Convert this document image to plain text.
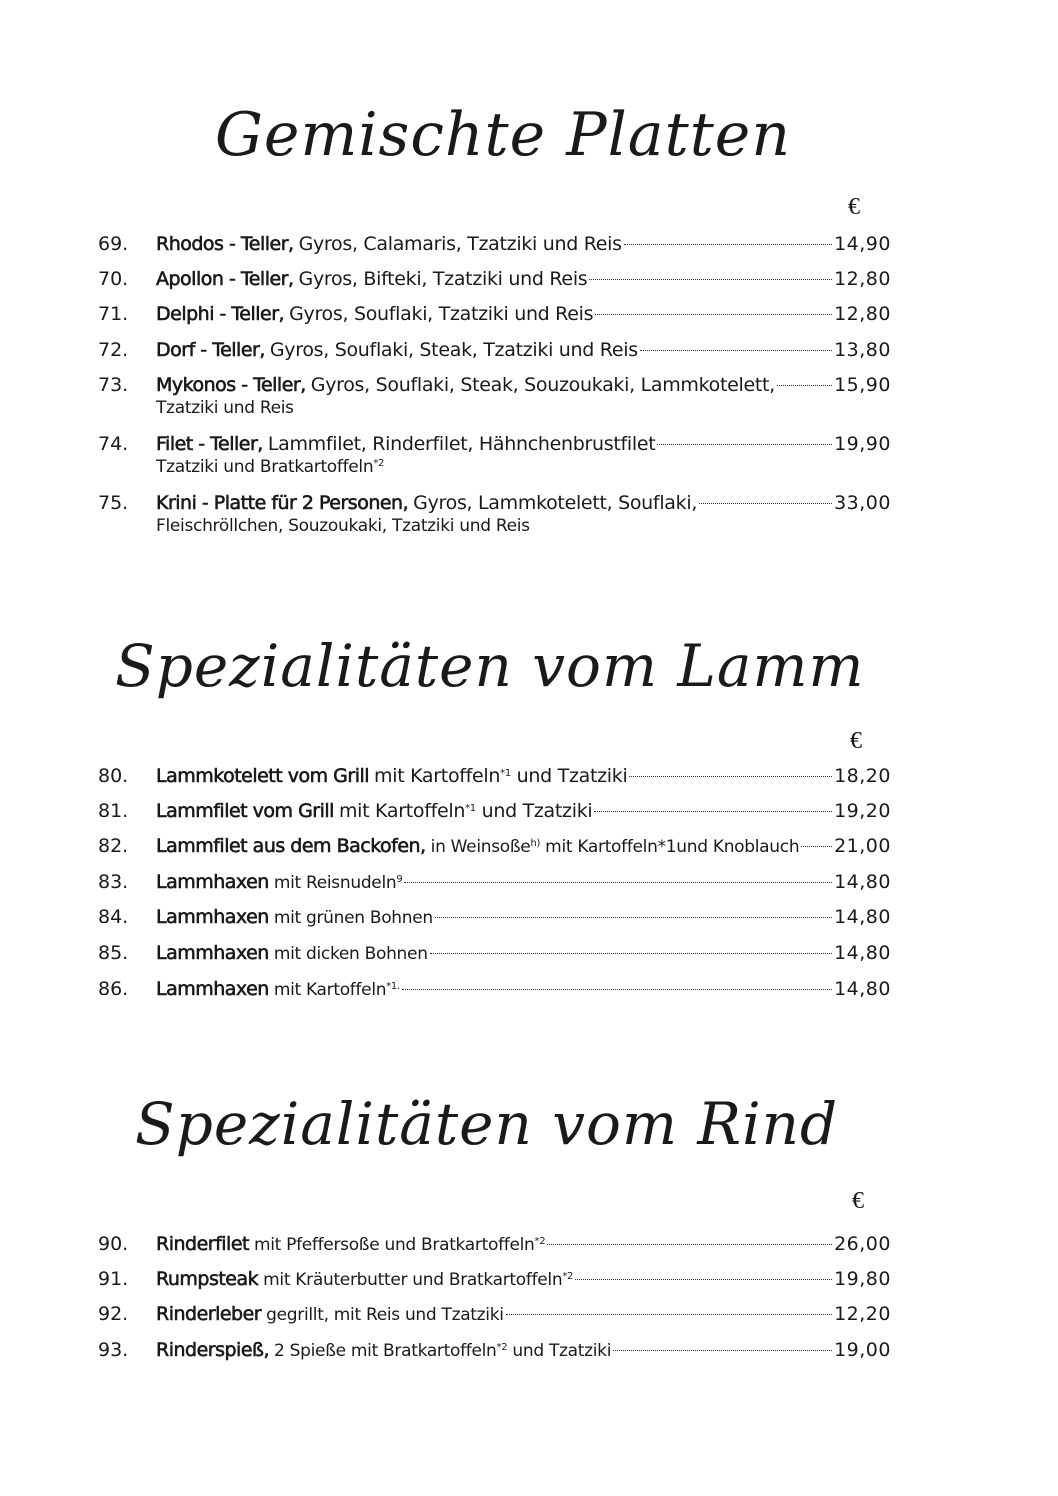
Gemischte Platten
€
Spezialitäten vom Lamm
€
Spezialitäten vom Rind
€
69. Rhodos - Teller, Gyros, Calamaris, Tzatziki und Reis	14,90
70. Apollon - Teller, Gyros, Bifteki, Tzatziki und Reis	12,80
71. Delphi - Teller, Gyros, Souflaki, Tzatziki und Reis	12,80
72. Dorf - Teller, Gyros, Souflaki, Steak, Tzatziki und Reis	13,80
73. Mykonos - Teller, Gyros, Souflaki, Steak, Souzoukaki, Lammkotelett,	15,90
Tzatziki und Reis
74. Filet - Teller, Lammfilet, Rinderfilet, Hähnchenbrustfilet	19,90
Tzatziki und Bratkartoffeln$^{*2}$
75. Krini - Platte für 2 Personen, Gyros, Lammkotelett, Souflaki,	33,00
Fleischröllchen, Souzoukaki, Tzatziki und Reis
80. Lammkotelett vom Grill mit Kartoffeln$^{*1}$ und Tzatziki	18,20
81. Lammfilet vom Grill mit Kartoffeln$^{*1}$ und Tzatziki	19,20
82. Lammfilet aus dem Backofen, in Weinsoße$^{h)}$ mit Kartoffeln*1und Knoblauch 21,00
83. Lammhaxen mit Reisnudeln$^9$	14,80
84. Lammhaxen mit grünen Bohnen	14,80
85. Lammhaxen mit dicken Bohnen	14,80
86. Lammhaxen mit Kartoffeln$^{*1.}$	14,80
90. Rinderfilet mit Pfeffersoße und Bratkartoffeln$^{*2}$	26,00
91. Rumpsteak mit Kräuterbutter und Bratkartoffeln$^{*2}$	19,80
92. Rinderleber gegrillt, mit Reis und Tzatziki	12,20
93. Rinderspieß, 2 Spieße mit Bratkartoffeln$^{*2}$ und Tzatziki	19,00
